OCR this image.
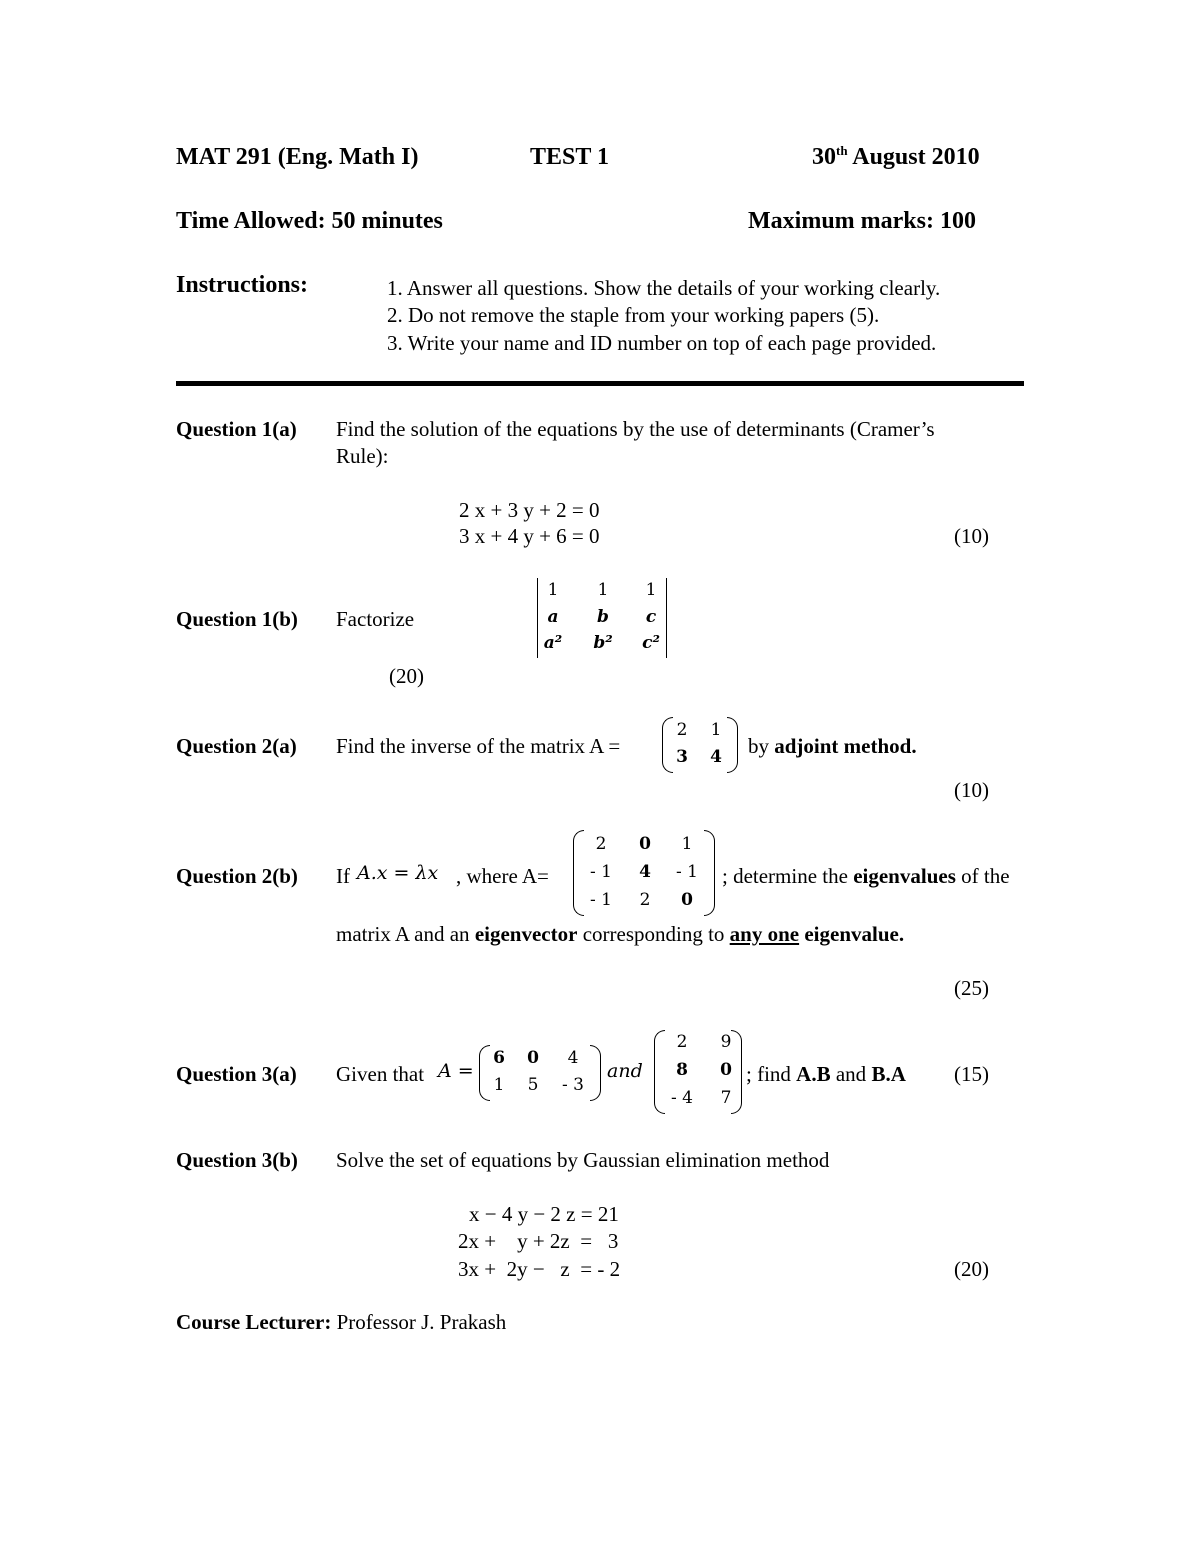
MAT 291 (Eng. Math I)	TEST 1	30th August 2010
Time Allowed: 50 minutes	Maximum marks: 100
Instructions:	1. Answer all questions. Show the details of your working clearly.
2. Do not remove the staple from your working papers (5).
3. Write your name and ID number on top of each page provided.
Question 1(a) Find the solution of the equations by the use of determinants (Cramer’s
Rule):
2 x + 3 y + 2 = 0
3 x + 4 y + 6 = 0	(10)
Question 1(b) Factorize
1	1	1
a	b	c
a²	b²	c²
(20)
Question 2(a) Find the inverse of the matrix A =
2	1
3	4	by adjoint method.
(10)
Question 2(b) If A.x = λx , where A=
2	0	1
- 1	4	- 1
- 1	2	0
; determine the eigenvalues of the
matrix A and an eigenvector corresponding to any one eigenvalue.
(25)
Question 3(a) Given that A =
6	0	4
1	5	- 3
and
2	9
8	0
- 4	7
; find A.B and B.A (15)
Question 3(b) Solve the set of equations by Gaussian elimination method
x − 4 y − 2 z = 21
2x +    y + 2z  =   3
3x +  2y −   z  = - 2	(20)
Course Lecturer: Professor J. Prakash
